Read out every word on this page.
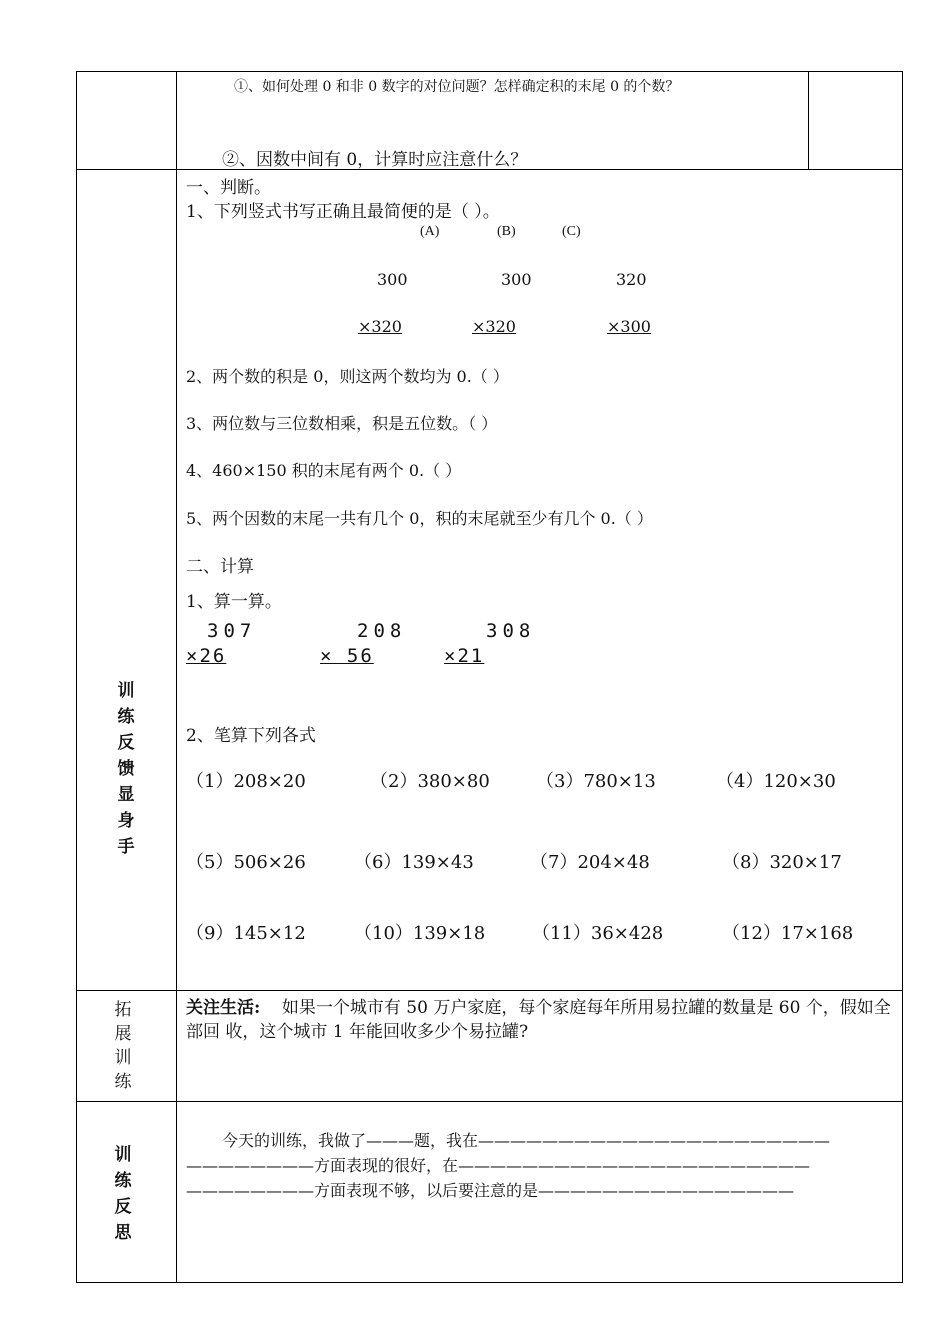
①、如何处理 0 和非 0 数字的对位问题？怎样确定积的末尾 0 的个数？
②、因数中间有 0，计算时应注意什么？
训
练
反
馈
显
身
手
一、判断。
1、下列竖式书写正确且最简便的是（ ）。
(A)	(B)	(C)
300	300	320
×320	×320	×300
2、两个数的积是 0，则这两个数均为 0.（ ）
3、两位数与三位数相乘，积是五位数。（ ）
4、460×150 积的末尾有两个 0.（ ）
5、两个因数的末尾一共有几个 0，积的末尾就至少有几个 0.（ ）
二、计算
1、算一算。
307	208	308
×26	× 56	×21
2、笔算下列各式
（1）208×20	（2）380×80	（3）780×13	（4）120×30
（5）506×26	（6）139×43	（7）204×48	（8）320×17
（9）145×12	（10）139×18	（11）36×428	（12）17×168
拓
展
训
练
关注生活: 如果一个城市有 50 万户家庭，每个家庭每年所用易拉罐的数量是 60 个，假如全部回 收，这个城市 1 年能回收多少个易拉罐?
训
练
反
思
今天的训练，我做了———题，我在——————————————————————
————————方面表现的很好，在——————————————————————
————————方面表现不够，以后要注意的是————————————————
